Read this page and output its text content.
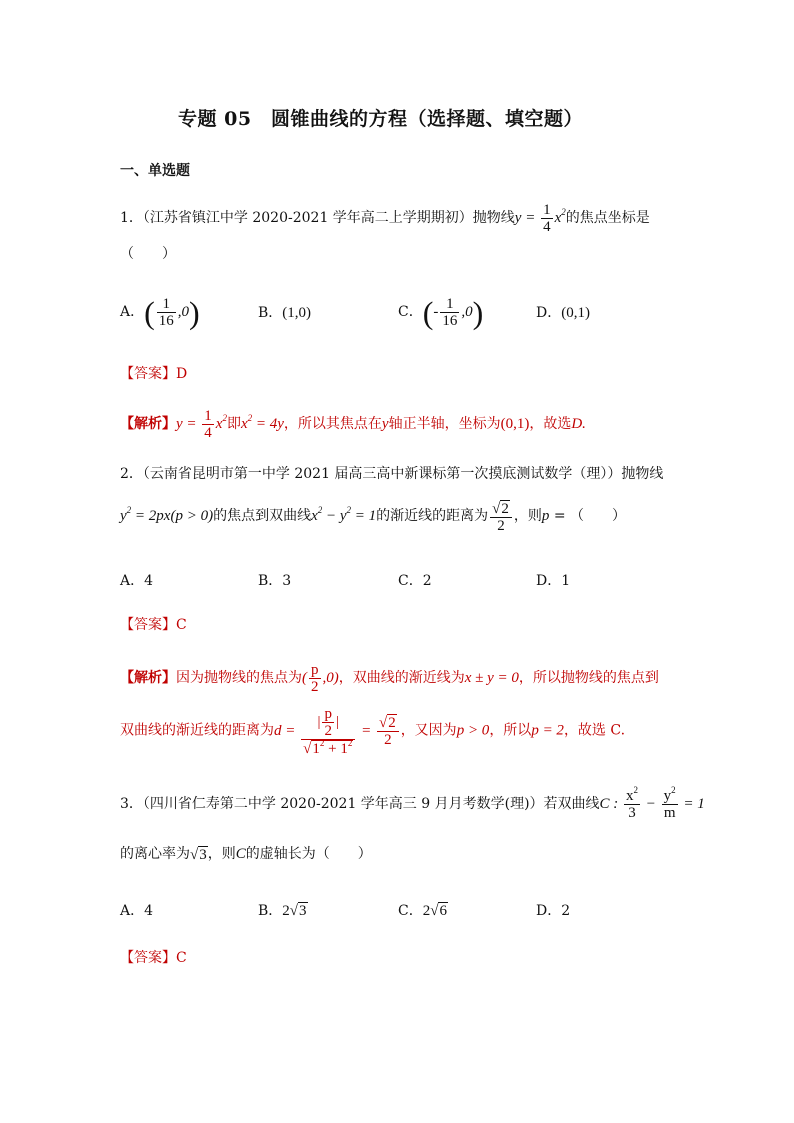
专题 05　圆锥曲线的方程（选择题、填空题）
一、单选题
1．（江苏省镇江中学 2020-2021 学年高二上学期期初）抛物线$y = \frac{1}{4} x^2$的焦点坐标是
（　　）
A．( $\frac{1}{16} ,0$)	B．(1,0)	C．(- $\frac{1}{16} ,0$)	D．(0,1)
【答案】D
【解析】$y = \frac{1}{4} x^2$即$x^2 = 4y$，所以其焦点在y轴正半轴，坐标为(0,1)，故选D.
2．（云南省昆明市第一中学 2021 届高三高中新课标第一次摸底测试数学（理））抛物线
$y^2 = 2px(p > 0)$的焦点到双曲线$x^2 - y^2 = 1$的渐近线的距离为 $\frac{√2}{2}$ ，则p = （　　）
A．4	B．3	C．2	D．1
【答案】C
【解析】因为抛物线的焦点为( $\frac{p}{2} ,0$)，双曲线的渐近线为x ± y = 0，所以抛物线的焦点到
双曲线的渐近线的距离为$d = \frac{| \frac{p}{2} |}{√1^2 + 1^2} = \frac{√2}{2}$ ，又因为p > 0，所以p = 2，故选 C.
3．（四川省仁寿第二中学 2020-2021 学年高三 9 月月考数学(理)）若双曲线C : $\frac{x^2}{3} - \frac{y^2}{m} = 1$
的离心率为√3，则C的虚轴长为（　　）
A．4	B．2√3	C．2√6	D．2
【答案】C
